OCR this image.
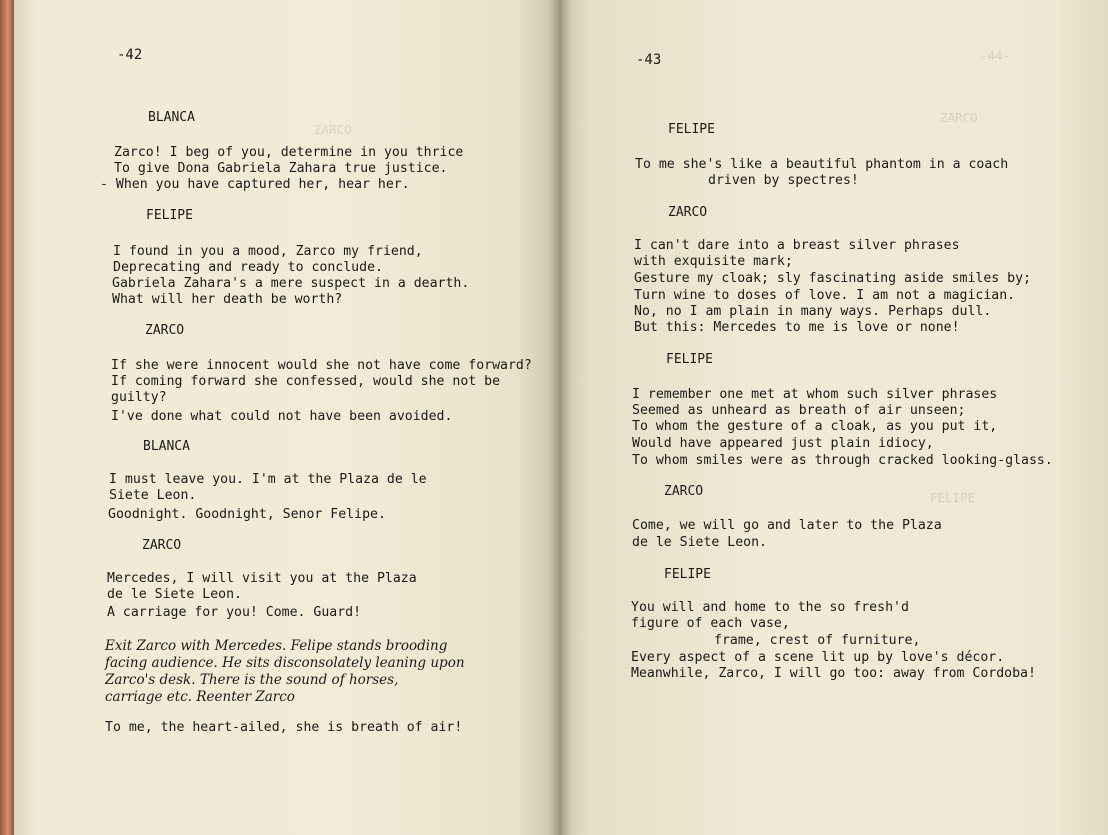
-42
ZARCO
BLANCA
Zarco! I beg of you, determine in you thrice
To give Dona Gabriela Zahara true justice.
- When you have captured her, hear her.
FELIPE
I found in you a mood, Zarco my friend,
Deprecating and ready to conclude.
Gabriela Zahara's a mere suspect in a dearth.
What will her death be worth?
ZARCO
If she were innocent would she not have come forward?
If coming forward she confessed, would she not be
guilty?
I've done what could not have been avoided.
BLANCA
I must leave you. I'm at the Plaza de le
Siete Leon.
Goodnight. Goodnight, Senor Felipe.
ZARCO
Mercedes, I will visit you at the Plaza
de le Siete Leon.
A carriage for you! Come. Guard!
Exit Zarco with Mercedes. Felipe stands brooding
facing audience. He sits disconsolately leaning upon
Zarco's desk. There is the sound of horses,
carriage etc. Reenter Zarco
To me, the heart-ailed, she is breath of air!
-43	-44-
ZARCO
FELIPE
FELIPE
To me she's like a beautiful phantom in a coach
driven by spectres!
ZARCO
I can't dare into a breast silver phrases
with exquisite mark;
Gesture my cloak; sly fascinating aside smiles by;
Turn wine to doses of love. I am not a magician.
No, no I am plain in many ways. Perhaps dull.
But this: Mercedes to me is love or none!
FELIPE
I remember one met at whom such silver phrases
Seemed as unheard as breath of air unseen;
To whom the gesture of a cloak, as you put it,
Would have appeared just plain idiocy,
To whom smiles were as through cracked looking-glass.
ZARCO
Come, we will go and later to the Plaza
de le Siete Leon.
FELIPE
You will and home to the so fresh'd
figure of each vase,
frame, crest of furniture,
Every aspect of a scene lit up by love's décor.
Meanwhile, Zarco, I will go too: away from Cordoba!
